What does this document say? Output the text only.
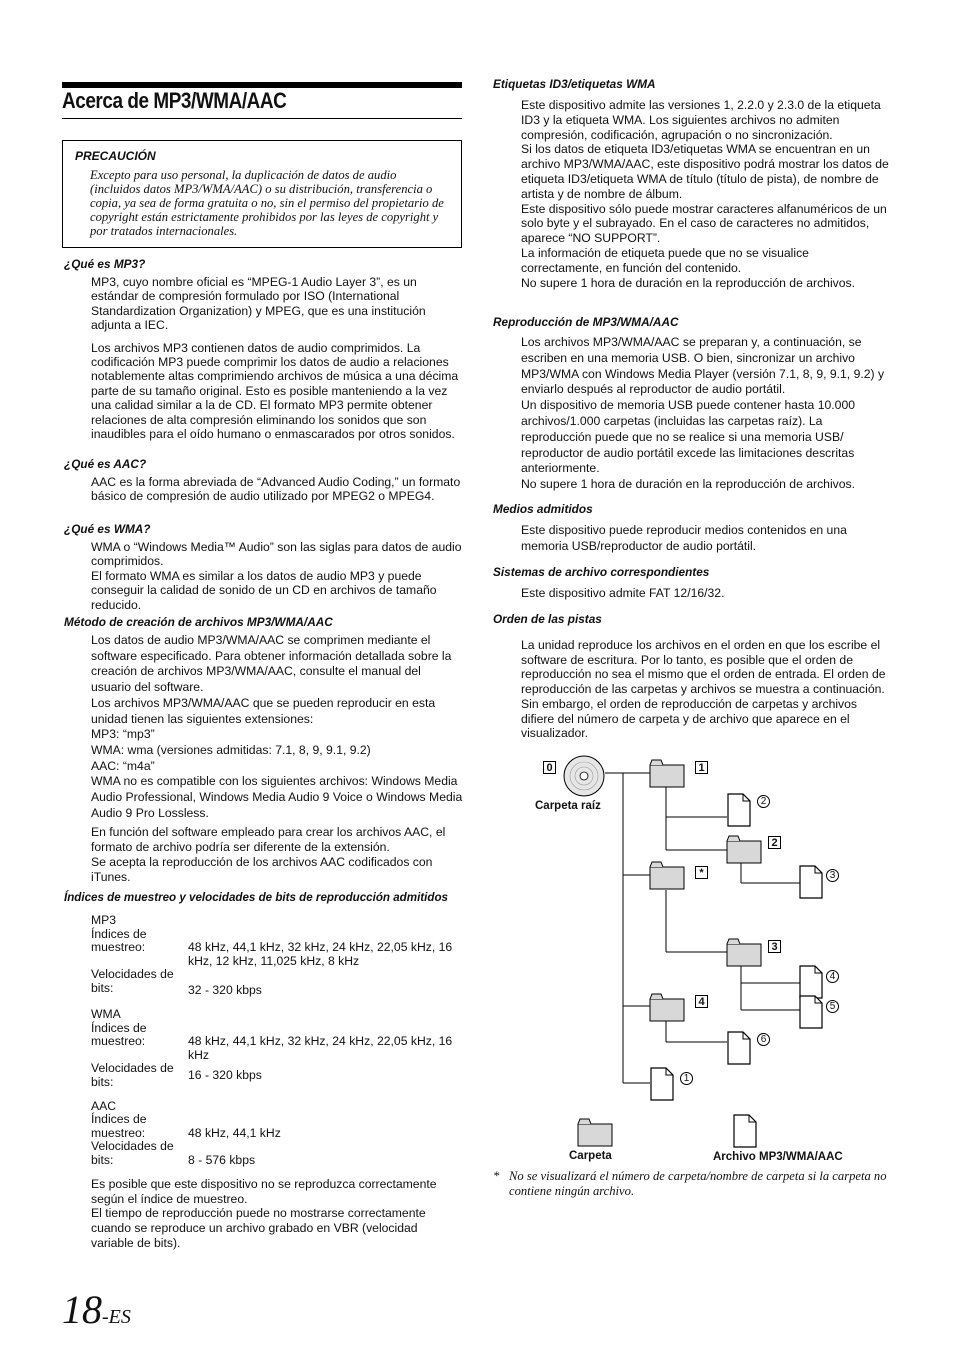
Acerca de MP3/WMA/AAC
PRECAUCIÓN
Excepto para uso personal, la duplicación de datos de audio (incluidos datos MP3/WMA/AAC) o su distribución, transferencia o copia, ya sea de forma gratuita o no, sin el permiso del propietario de copyright están estrictamente prohibidos por las leyes de copyright y por tratados internacionales.
¿Qué es MP3?

MP3, cuyo nombre oficial es “MPEG-1 Audio Layer 3”, es un estándar de compresión formulado por ISO (International Standardization Organization) y MPEG, que es una institución adjunta a IEC.

Los archivos MP3 contienen datos de audio comprimidos. La codificación MP3 puede comprimir los datos de audio a relaciones notablemente altas comprimiendo archivos de música a una décima parte de su tamaño original. Esto es posible manteniendo a la vez una calidad similar a la de CD. El formato MP3 permite obtener relaciones de alta compresión eliminando los sonidos que son inaudibles para el oído humano o enmascarados por otros sonidos.

¿Qué es AAC?

AAC es la forma abreviada de “Advanced Audio Coding,” un formato básico de compresión de audio utilizado por MPEG2 o MPEG4.

¿Qué es WMA?

WMA o “Windows Media™ Audio” son las siglas para datos de audio comprimidos.

El formato WMA es similar a los datos de audio MP3 y puede conseguir la calidad de sonido de un CD en archivos de tamaño reducido.

Método de creación de archivos MP3/WMA/AAC

Los datos de audio MP3/WMA/AAC se comprimen mediante el software especificado. Para obtener información detallada sobre la creación de archivos MP3/WMA/AAC, consulte el manual del usuario del software.

Los archivos MP3/WMA/AAC que se pueden reproducir en esta unidad tienen las siguientes extensiones:

MP3: “mp3”

WMA: wma (versiones admitidas: 7.1, 8, 9, 9.1, 9.2)

AAC: “m4a”

WMA no es compatible con los siguientes archivos: Windows Media Audio Professional, Windows Media Audio 9 Voice o Windows Media Audio 9 Pro Lossless.

En función del software empleado para crear los archivos AAC, el formato de archivo podría ser diferente de la extensión.

Se acepta la reproducción de los archivos AAC codificados con iTunes.

Índices de muestreo y velocidades de bits de reproducción admitidos
MP3
Índices de muestreo:	48 kHz, 44,1 kHz, 32 kHz, 24 kHz, 22,05 kHz, 16 kHz, 12 kHz, 11,025 kHz, 8 kHz
Velocidades de bits:	32 - 320 kbps
WMA
Índices de muestreo:	48 kHz, 44,1 kHz, 32 kHz, 24 kHz, 22,05 kHz, 16 kHz
Velocidades de bits:	16 - 320 kbps
AAC
Índices de muestreo:	48 kHz, 44,1 kHz
Velocidades de bits:	8 - 576 kbps

Es posible que este dispositivo no se reproduzca correctamente según el índice de muestreo.

El tiempo de reproducción puede no mostrarse correctamente cuando se reproduce un archivo grabado en VBR (velocidad variable de bits).

18-ES
Etiquetas ID3/etiquetas WMA

Este dispositivo admite las versiones 1, 2.2.0 y 2.3.0 de la etiqueta ID3 y la etiqueta WMA. Los siguientes archivos no admiten compresión, codificación, agrupación o no sincronización.

Si los datos de etiqueta ID3/etiquetas WMA se encuentran en un archivo MP3/WMA/AAC, este dispositivo podrá mostrar los datos de etiqueta ID3/etiqueta WMA de título (título de pista), de nombre de artista y de nombre de álbum.

Este dispositivo sólo puede mostrar caracteres alfanuméricos de un solo byte y el subrayado. En el caso de caracteres no admitidos, aparece “NO SUPPORT”.

La información de etiqueta puede que no se visualice correctamente, en función del contenido.

No supere 1 hora de duración en la reproducción de archivos.

Reproducción de MP3/WMA/AAC

Los archivos MP3/WMA/AAC se preparan y, a continuación, se escriben en una memoria USB. O bien, sincronizar un archivo MP3/WMA con Windows Media Player (versión 7.1, 8, 9, 9.1, 9.2) y enviarlo después al reproductor de audio portátil.

Un dispositivo de memoria USB puede contener hasta 10.000 archivos/1.000 carpetas (incluidas las carpetas raíz). La reproducción puede que no se realice si una memoria USB/ reproductor de audio portátil excede las limitaciones descritas anteriormente.

No supere 1 hora de duración en la reproducción de archivos.

Medios admitidos

Este dispositivo puede reproducir medios contenidos en una memoria USB/reproductor de audio portátil.

Sistemas de archivo correspondientes

Este dispositivo admite FAT 12/16/32.

Orden de las pistas

La unidad reproduce los archivos en el orden en que los escribe el software de escritura. Por lo tanto, es posible que el orden de reproducción no sea el mismo que el orden de entrada. El orden de reproducción de las carpetas y archivos se muestra a continuación. Sin embargo, el orden de reproducción de carpetas y archivos difiere del número de carpeta y de archivo que aparece en el visualizador.

0
Carpeta raíz
1
2
*
3
4
2
3
4
5
6
1
Carpeta	Archivo MP3/WMA/AAC
* No se visualizará el número de carpeta/nombre de carpeta si la carpeta no contiene ningún archivo.
